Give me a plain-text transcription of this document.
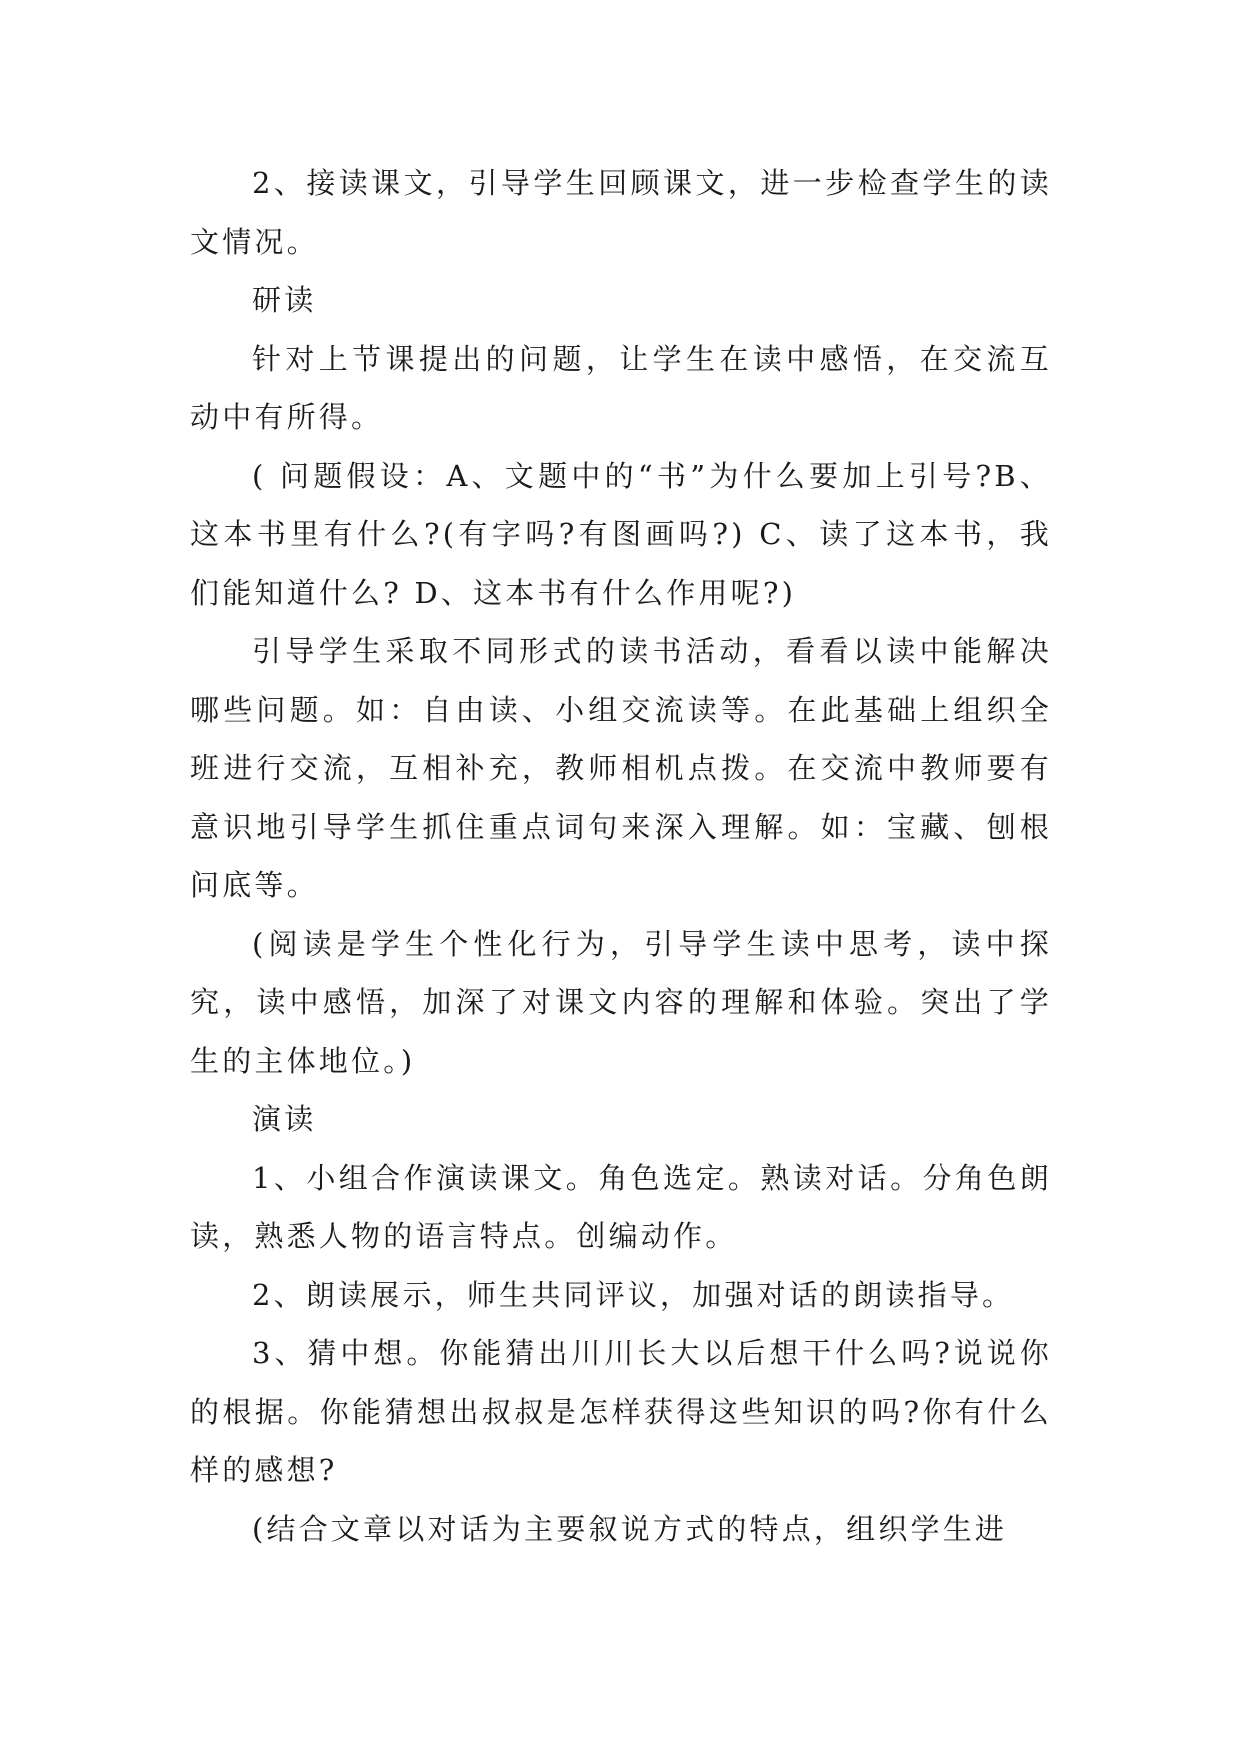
2、接读课文，引导学生回顾课文，进一步检查学生的读文情况。

研读

针对上节课提出的问题，让学生在读中感悟，在交流互动中有所得。

( 问题假设：A、文题中的“书”为什么要加上引号?B、这本书里有什么?(有字吗?有图画吗?) C、读了这本书，我们能知道什么? D、这本书有什么作用呢?)

引导学生采取不同形式的读书活动，看看以读中能解决哪些问题。如：自由读、小组交流读等。在此基础上组织全班进行交流，互相补充，教师相机点拨。在交流中教师要有意识地引导学生抓住重点词句来深入理解。如：宝藏、刨根问底等。

(阅读是学生个性化行为，引导学生读中思考，读中探究，读中感悟，加深了对课文内容的理解和体验。突出了学生的主体地位。)

演读

1、小组合作演读课文。角色选定。熟读对话。分角色朗读，熟悉人物的语言特点。创编动作。

2、朗读展示，师生共同评议，加强对话的朗读指导。

3、猜中想。你能猜出川川长大以后想干什么吗?说说你的根据。你能猜想出叔叔是怎样获得这些知识的吗?你有什么样的感想?

(结合文章以对话为主要叙说方式的特点，组织学生进
